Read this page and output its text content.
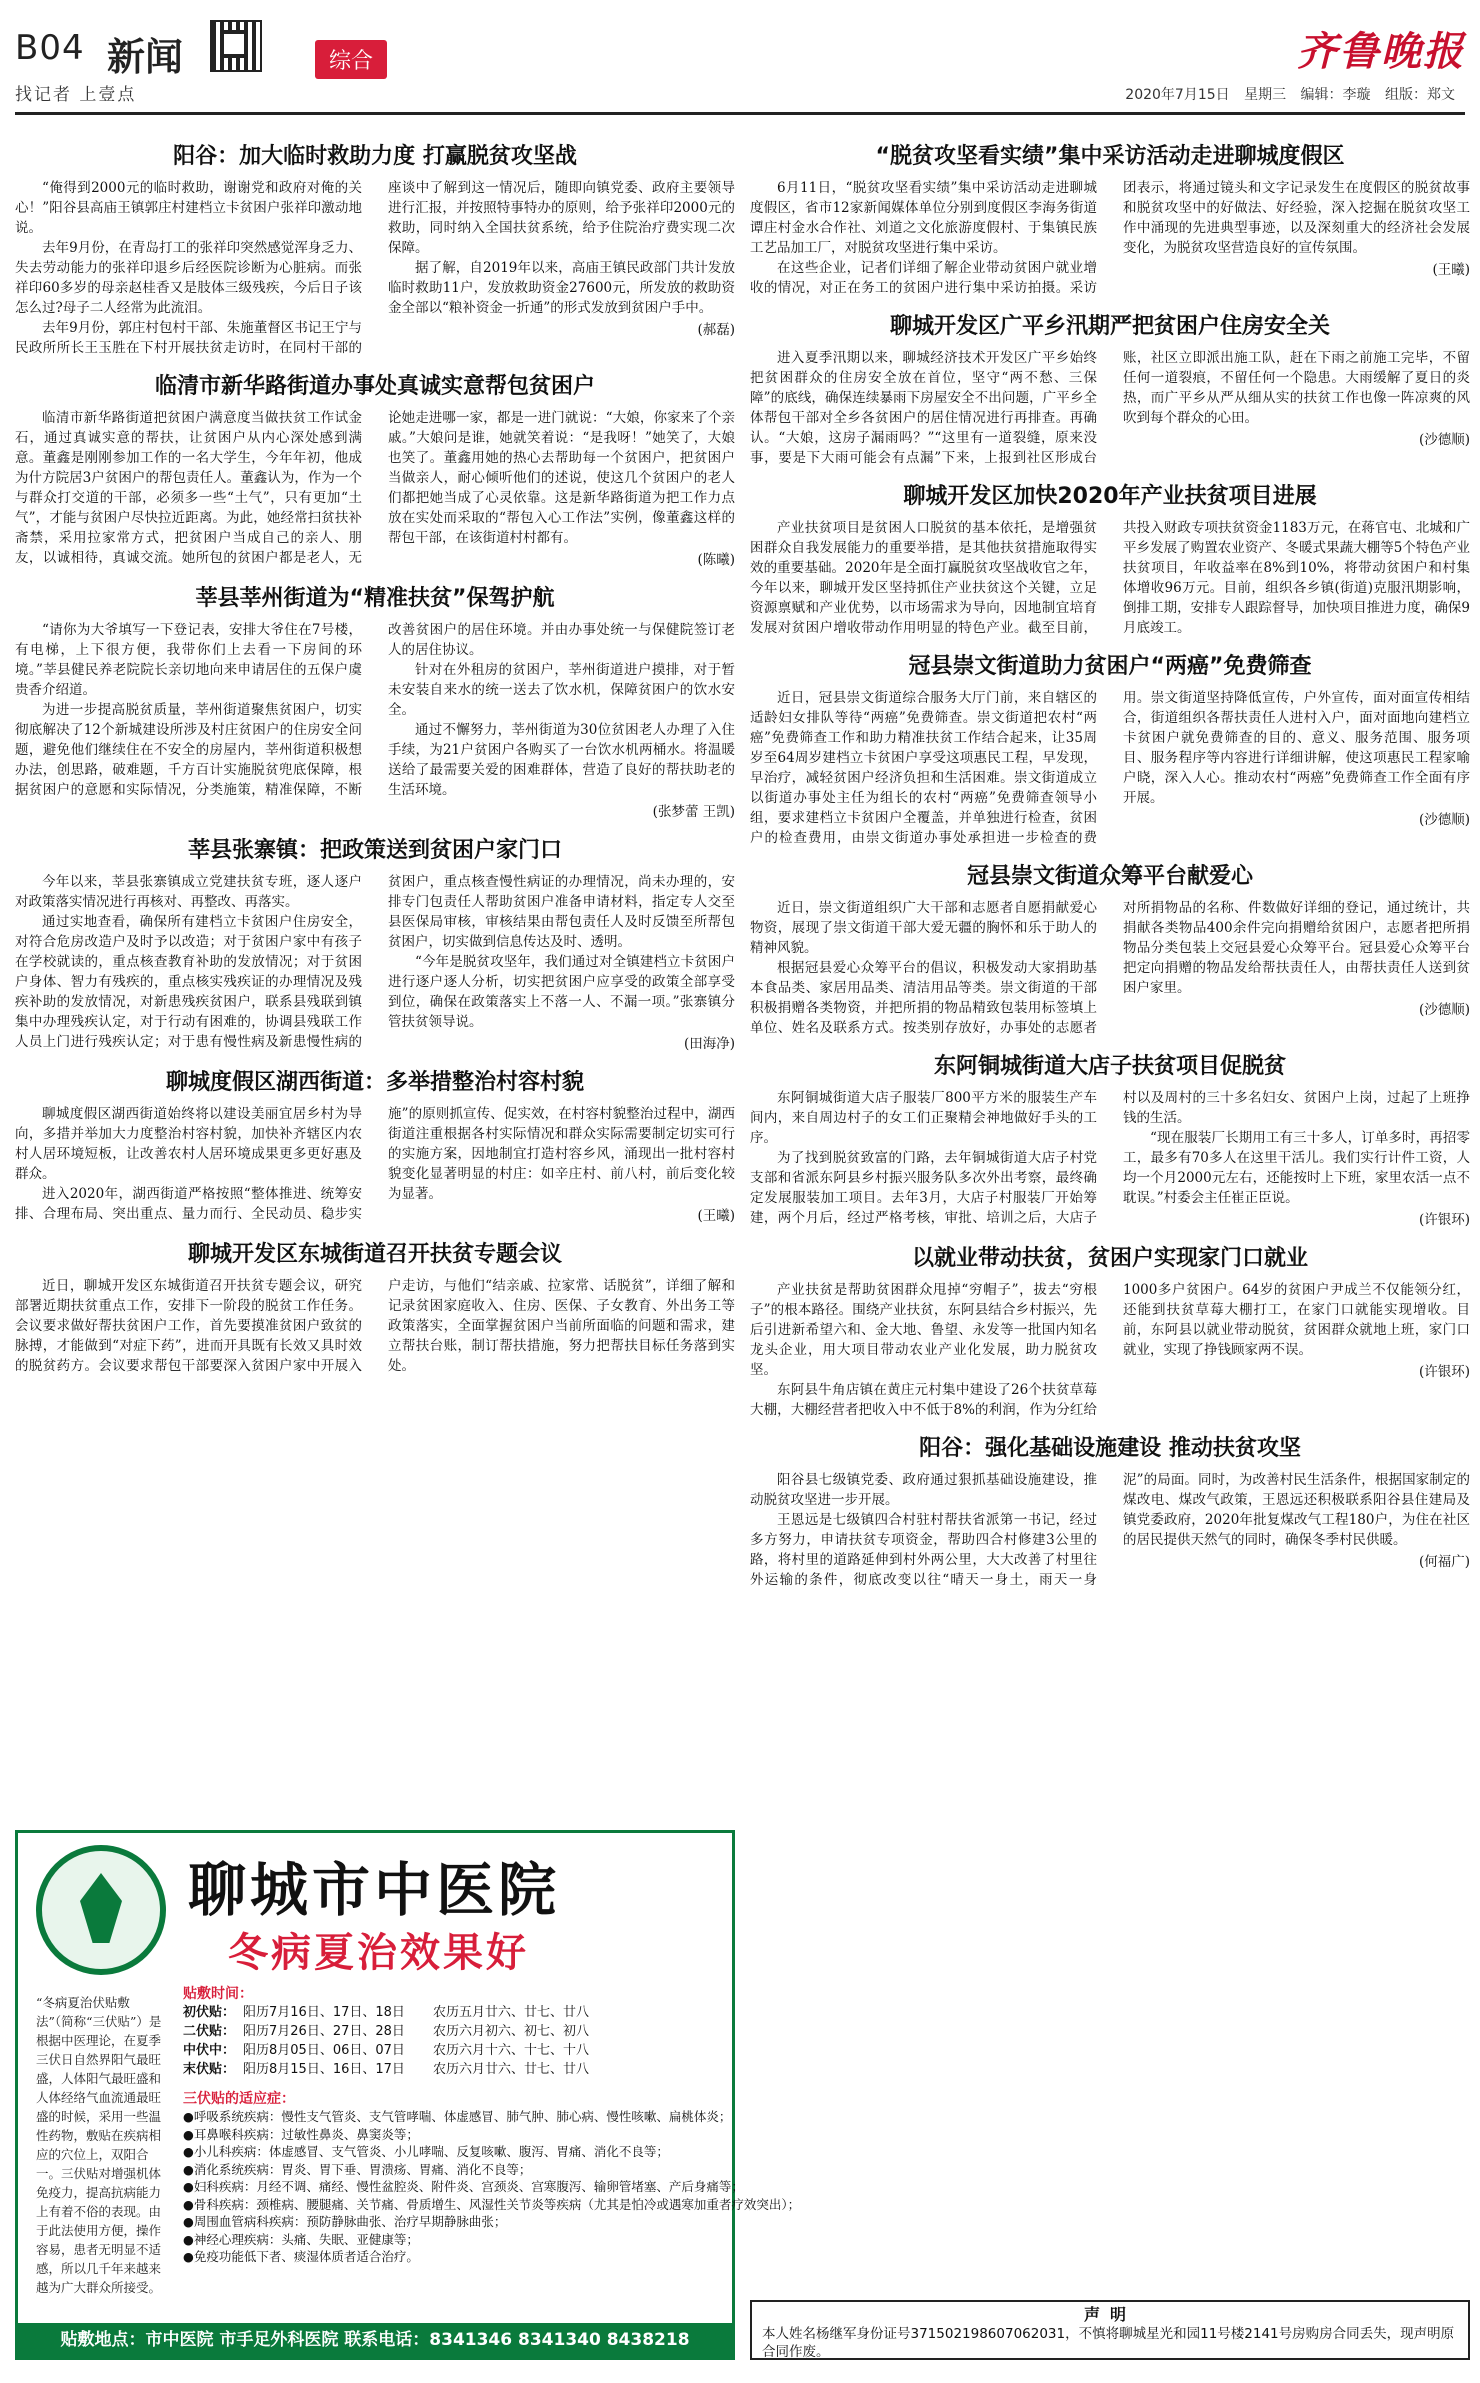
B04 新闻
找记者 上壹点
综合	齐鲁晚报
2020年7月15日 星期三 编辑：李璇 组版：郑文
阳谷：加大临时救助力度 打赢脱贫攻坚战

“俺得到2000元的临时救助，谢谢党和政府对俺的关心！”阳谷县高庙王镇郭庄村建档立卡贫困户张祥印激动地说。

去年9月份，在青岛打工的张祥印突然感觉浑身乏力、失去劳动能力的张祥印退乡后经医院诊断为心脏病。而张祥印60多岁的母亲赵桂香又是肢体三级残疾，今后日子该怎么过?母子二人经常为此流泪。

去年9月份，郭庄村包村干部、朱施董督区书记王宁与民政所所长王玉胜在下村开展扶贫走访时，在同村干部的座谈中了解到这一情况后，随即向镇党委、政府主要领导进行汇报，并按照特事特办的原则，给予张祥印2000元的救助，同时纳入全国扶贫系统，给予住院治疗费实现二次保障。

据了解，自2019年以来，高庙王镇民政部门共计发放临时救助11户，发放救助资金27600元，所发放的救助资金全部以“粮补资金一折通”的形式发放到贫困户手中。

(郝磊)
临清市新华路街道办事处真诚实意帮包贫困户

临清市新华路街道把贫困户满意度当做扶贫工作试金石，通过真诚实意的帮扶，让贫困户从内心深处感到满意。董鑫是刚刚参加工作的一名大学生，今年年初，他成为什方院居3户贫困户的帮包责任人。董鑫认为，作为一个与群众打交道的干部，必须多一些“土气”，只有更加“土气”，才能与贫困户尽快拉近距离。为此，她经常扫贫扶补斋禁，采用拉家常方式，把贫困户当成自己的亲人、朋友，以诚相待，真诚交流。她所包的贫困户都是老人，无论她走进哪一家，都是一进门就说：“大娘，你家来了个亲戚。”大娘问是谁，她就笑着说：“是我呀！”她笑了，大娘也笑了。董鑫用她的热心去帮助每一个贫困户，把贫困户当做亲人，耐心倾听他们的述说，使这几个贫困户的老人们都把她当成了心灵依靠。这是新华路街道为把工作力点放在实处而采取的“帮包入心工作法”实例，像董鑫这样的帮包干部，在该街道村村都有。

(陈曦)
莘县莘州街道为“精准扶贫”保驾护航

“请你为大爷填写一下登记表，安排大爷住在7号楼，有电梯，上下很方便，我带你们上去看一下房间的环境。”莘县健民养老院院长亲切地向来申请居住的五保户虞贵香介绍道。

为进一步提高脱贫质量，莘州街道聚焦贫困户，切实彻底解决了12个新城建设所涉及村庄贫困户的住房安全问题，避免他们继续住在不安全的房屋内，莘州街道积极想办法，创思路，破难题，千方百计实施脱贫兜底保障，根据贫困户的意愿和实际情况，分类施策，精准保障，不断改善贫困户的居住环境。并由办事处统一与保健院签订老人的居住协议。

针对在外租房的贫困户，莘州街道进户摸排，对于暂未安装自来水的统一送去了饮水机，保障贫困户的饮水安全。

通过不懈努力，莘州街道为30位贫困老人办理了入住手续，为21户贫困户各购买了一台饮水机两桶水。将温暖送给了最需要关爱的困难群体，营造了良好的帮扶助老的生活环境。

(张梦蕾 王凯)
莘县张寨镇：把政策送到贫困户家门口

今年以来，莘县张寨镇成立党建扶贫专班，逐人逐户对政策落实情况进行再核对、再整改、再落实。

通过实地查看，确保所有建档立卡贫困户住房安全，对符合危房改造户及时予以改造；对于贫困户家中有孩子在学校就读的，重点核查教育补助的发放情况；对于贫困户身体、智力有残疾的，重点核实残疾证的办理情况及残疾补助的发放情况，对新患残疾贫困户，联系县残联到镇集中办理残疾认定，对于行动有困难的，协调县残联工作人员上门进行残疾认定；对于患有慢性病及新患慢性病的贫困户，重点核查慢性病证的办理情况，尚未办理的，安排专门包责任人帮助贫困户准备申请材料，指定专人交至县医保局审核，审核结果由帮包责任人及时反馈至所帮包贫困户，切实做到信息传达及时、透明。

“今年是脱贫攻坚年，我们通过对全镇建档立卡贫困户进行逐户逐人分析，切实把贫困户应享受的政策全部享受到位，确保在政策落实上不落一人、不漏一项。”张寨镇分管扶贫领导说。

(田海净)
聊城度假区湖西街道：多举措整治村容村貌

聊城度假区湖西街道始终将以建设美丽宜居乡村为导向，多措并举加大力度整治村容村貌，加快补齐辖区内农村人居环境短板，让改善农村人居环境成果更多更好惠及群众。

进入2020年，湖西街道严格按照“整体推进、统筹安排、合理布局、突出重点、量力而行、全民动员、稳步实施”的原则抓宣传、促实效，在村容村貌整治过程中，湖西街道注重根据各村实际情况和群众实际需要制定切实可行的实施方案，因地制宜打造村容乡风，涌现出一批村容村貌变化显著明显的村庄：如辛庄村、前八村，前后变化较为显著。

(王曦)
聊城开发区东城街道召开扶贫专题会议

近日，聊城开发区东城街道召开扶贫专题会议，研究部署近期扶贫重点工作，安排下一阶段的脱贫工作任务。会议要求做好帮扶贫困户工作，首先要摸准贫困户致贫的脉搏，才能做到“对症下药”，进而开具既有长效又具时效的脱贫药方。会议要求帮包干部要深入贫困户家中开展入户走访，与他们“结亲戚、拉家常、话脱贫”，详细了解和记录贫困家庭收入、住房、医保、子女教育、外出务工等政策落实，全面掌握贫困户当前所面临的问题和需求，建立帮扶台账，制订帮扶措施，努力把帮扶目标任务落到实处。

“脱贫攻坚看实绩”集中采访活动走进聊城度假区

6月11日，“脱贫攻坚看实绩”集中采访活动走进聊城度假区，省市12家新闻媒体单位分别到度假区李海务街道谭庄村金水合作社、刘道之文化旅游度假村、于集镇民族工艺品加工厂，对脱贫攻坚进行集中采访。

在这些企业，记者们详细了解企业带动贫困户就业增收的情况，对正在务工的贫困户进行集中采访拍摄。采访团表示，将通过镜头和文字记录发生在度假区的脱贫故事和脱贫攻坚中的好做法、好经验，深入挖掘在脱贫攻坚工作中涌现的先进典型事迹，以及深刻重大的经济社会发展变化，为脱贫攻坚营造良好的宣传氛围。

(王曦)
聊城开发区广平乡汛期严把贫困户住房安全关

进入夏季汛期以来，聊城经济技术开发区广平乡始终把贫困群众的住房安全放在首位，坚守“两不愁、三保障”的底线，确保连续暴雨下房屋安全不出问题，广平乡全体帮包干部对全乡各贫困户的居住情况进行再排查。再确认。“大娘，这房子漏雨吗？”“这里有一道裂缝，原来没事，要是下大雨可能会有点漏”下来，上报到社区形成台账，社区立即派出施工队，赶在下雨之前施工完毕，不留任何一道裂痕，不留任何一个隐患。大雨缓解了夏日的炎热，而广平乡从严从细从实的扶贫工作也像一阵凉爽的风吹到每个群众的心田。

(沙德顺)
聊城开发区加快2020年产业扶贫项目进展

产业扶贫项目是贫困人口脱贫的基本依托，是增强贫困群众自我发展能力的重要举措，是其他扶贫措施取得实效的重要基础。2020年是全面打赢脱贫攻坚战收官之年，今年以来，聊城开发区坚持抓住产业扶贫这个关键，立足资源禀赋和产业优势，以市场需求为导向，因地制宜培育发展对贫困户增收带动作用明显的特色产业。截至目前，共投入财政专项扶贫资金1183万元，在蒋官屯、北城和广平乡发展了购置农业资产、冬暖式果蔬大棚等5个特色产业扶贫项目，年收益率在8%到10%，将带动贫困户和村集体增收96万元。目前，组织各乡镇(街道)克服汛期影响，倒排工期，安排专人跟踪督导，加快项目推进力度，确保9月底竣工。

冠县崇文街道助力贫困户“两癌”免费筛查

近日，冠县崇文街道综合服务大厅门前，来自辖区的适龄妇女排队等待“两癌”免费筛查。崇文街道把农村“两癌”免费筛查工作和助力精准扶贫工作结合起来，让35周岁至64周岁建档立卡贫困户享受这项惠民工程，早发现，早治疗，减轻贫困户经济负担和生活困难。崇文街道成立以街道办事处主任为组长的农村“两癌”免费筛查领导小组，要求建档立卡贫困户全覆盖，并单独进行检查，贫困户的检查费用，由崇文街道办事处承担进一步检查的费用。崇文街道坚持降低宣传，户外宣传，面对面宣传相结合，街道组织各帮扶责任人进村入户，面对面地向建档立卡贫困户就免费筛查的目的、意义、服务范围、服务项目、服务程序等内容进行详细讲解，使这项惠民工程家喻户晓，深入人心。推动农村“两癌”免费筛查工作全面有序开展。

(沙德顺)
冠县崇文街道众筹平台献爱心

近日，崇文街道组织广大干部和志愿者自愿捐献爱心物资，展现了崇文街道干部大爱无疆的胸怀和乐于助人的精神风貌。

根据冠县爱心众筹平台的倡议，积极发动大家捐助基本食品类、家居用品类、清洁用品等类。崇文街道的干部积极捐赠各类物资，并把所捐的物品精致包装用标签填上单位、姓名及联系方式。按类别存放好，办事处的志愿者对所捐物品的名称、件数做好详细的登记，通过统计，共捐献各类物品400余件完向捐赠给贫困户，志愿者把所捐物品分类包装上交冠县爱心众筹平台。冠县爱心众筹平台把定向捐赠的物品发给帮扶责任人，由帮扶责任人送到贫困户家里。

(沙德顺)
东阿铜城街道大店子扶贫项目促脱贫

东阿铜城街道大店子服装厂800平方米的服装生产车间内，来自周边村子的女工们正聚精会神地做好手头的工序。

为了找到脱贫致富的门路，去年铜城街道大店子村党支部和省派东阿县乡村振兴服务队多次外出考察，最终确定发展服装加工项目。去年3月，大店子村服装厂开始筹建，两个月后，经过严格考核，审批、培训之后，大店子村以及周村的三十多名妇女、贫困户上岗，过起了上班挣钱的生活。

“现在服装厂长期用工有三十多人，订单多时，再招零工，最多有70多人在这里干活儿。我们实行计件工资，人均一个月2000元左右，还能按时上下班，家里农活一点不耽误。”村委会主任崔正臣说。

(许银环)
以就业带动扶贫，贫困户实现家门口就业

产业扶贫是帮助贫困群众甩掉“穷帽子”，拔去“穷根子”的根本路径。围绕产业扶贫，东阿县结合乡村振兴，先后引进新希望六和、金大地、鲁望、永发等一批国内知名龙头企业，用大项目带动农业产业化发展，助力脱贫攻坚。

东阿县牛角店镇在黄庄元村集中建设了26个扶贫草莓大棚，大棚经营者把收入中不低于8%的利润，作为分红给1000多户贫困户。64岁的贫困户尹成兰不仅能领分红，还能到扶贫草莓大棚打工，在家门口就能实现增收。目前，东阿县以就业带动脱贫，贫困群众就地上班，家门口就业，实现了挣钱顾家两不误。

(许银环)
阳谷：强化基础设施建设 推动扶贫攻坚

阳谷县七级镇党委、政府通过狠抓基础设施建设，推动脱贫攻坚进一步开展。

王恩远是七级镇四合村驻村帮扶省派第一书记，经过多方努力，申请扶贫专项资金，帮助四合村修建3公里的路，将村里的道路延伸到村外两公里，大大改善了村里往外运输的条件，彻底改变以往“晴天一身土，雨天一身泥”的局面。同时，为改善村民生活条件，根据国家制定的煤改电、煤改气政策，王恩远还积极联系阳谷县住建局及镇党委政府，2020年批复煤改气工程180户，为住在社区的居民提供天然气的同时，确保冬季村民供暖。

(何福广)
聊城市中医院
冬病夏治效果好
“冬病夏治伏贴敷法”（简称“三伏贴”）是根据中医理论，在夏季三伏日自然界阳气最旺盛，人体阳气最旺盛和人体经络气血流通最旺盛的时候，采用一些温性药物，敷贴在疾病相应的穴位上，双阳合一。三伏贴对增强机体免疫力，提高抗病能力上有着不俗的表现。由于此法使用方便，操作容易，患者无明显不适感，所以几千年来越来越为广大群众所接受。
贴敷时间：
初伏贴： 阳历7月16日、17日、18日	农历五月廿六、廿七、廿八
二伏贴： 阳历7月26日、27日、28日	农历六月初六、初七、初八
中伏中： 阳历8月05日、06日、07日	农历六月十六、十七、十八
末伏贴： 阳历8月15日、16日、17日	农历六月廿六、廿七、廿八
三伏贴的适应症：
●呼吸系统疾病：慢性支气管炎、支气管哮喘、体虚感冒、肺气肿、肺心病、慢性咳嗽、扁桃体炎；
●耳鼻喉科疾病：过敏性鼻炎、鼻窦炎等；
●小儿科疾病：体虚感冒、支气管炎、小儿哮喘、反复咳嗽、腹泻、胃痛、消化不良等；
●消化系统疾病：胃炎、胃下垂、胃溃疡、胃痛、消化不良等；
●妇科疾病：月经不调、痛经、慢性盆腔炎、附件炎、宫颈炎、宫寒腹泻、输卵管堵塞、产后身痛等；
●骨科疾病：颈椎病、腰腿痛、关节痛、骨质增生、风湿性关节炎等疾病（尤其是怕冷或遇寒加重者疗效突出）；
●周围血管病科疾病：预防静脉曲张、治疗早期静脉曲张；
●神经心理疾病：头痛、失眠、亚健康等；
●免疫功能低下者、痰湿体质者适合治疗。
贴敷地点：市中医院 市手足外科医院 联系电话：8341346 8341340 8438218
声明
本人姓名杨继军身份证号371502198607062031，不慎将聊城星光和园11号楼2141号房购房合同丢失，现声明原合同作废。
